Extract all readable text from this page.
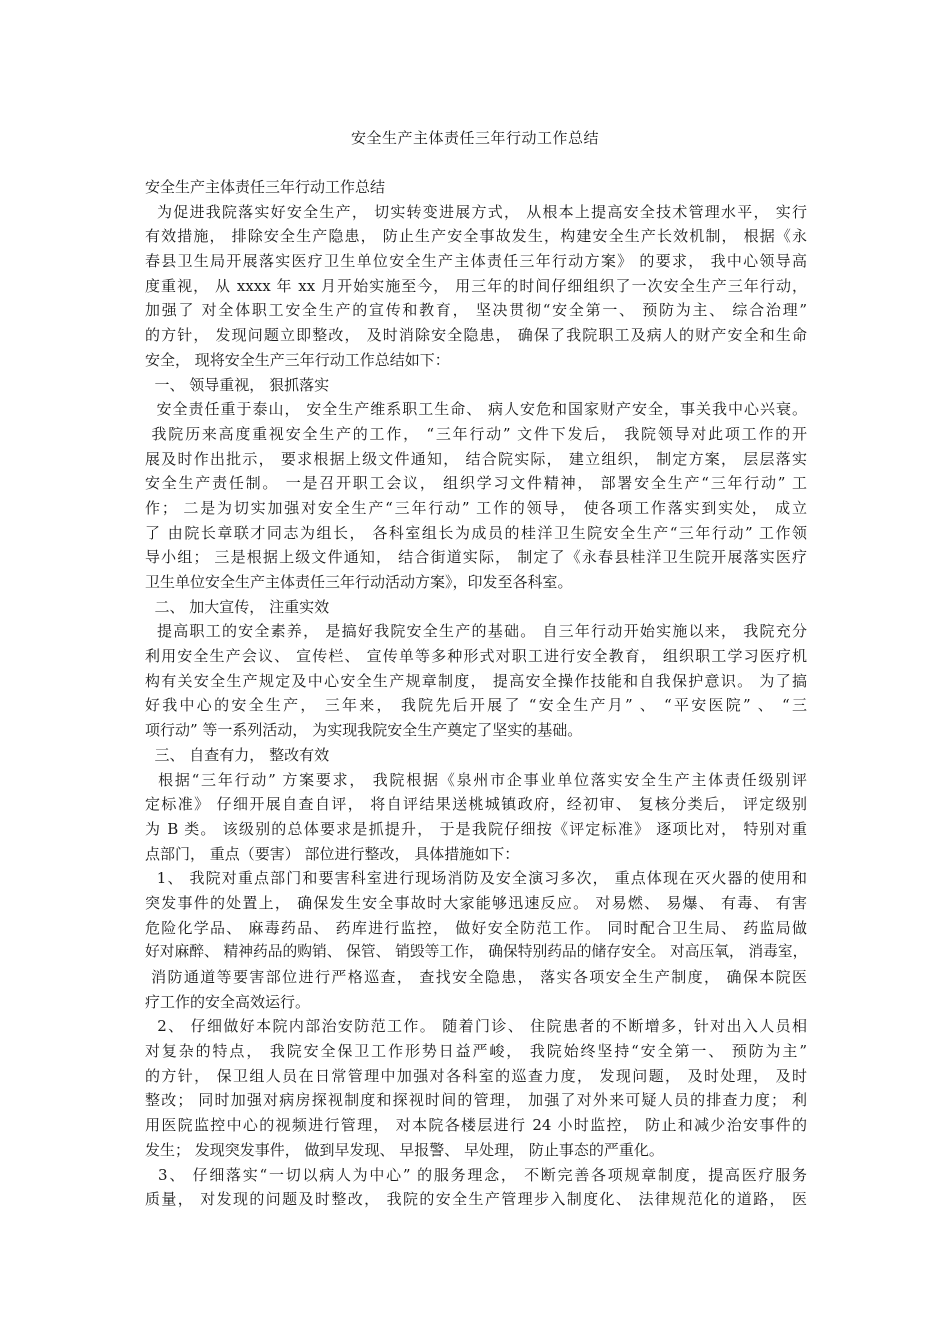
安全生产主体责任三年行动工作总结
安全生产主体责任三年行动工作总结
为促进我院落实好安全生产， 切实转变进展方式， 从根本上提高安全技术管理水平， 实行
有效措施， 排除安全生产隐患， 防止生产安全事故发生，构建安全生产长效机制， 根据《永
春县卫生局开展落实医疗卫生单位安全生产主体责任三年行动方案》 的要求， 我中心领导高
度重视， 从 xxxx 年 xx 月开始实施至今， 用三年的时间仔细组织了一次安全生产三年行动，
加强了 对全体职工安全生产的宣传和教育， 坚决贯彻“安全第一、 预防为主、 综合治理”
的方针， 发现问题立即整改， 及时消除安全隐患， 确保了我院职工及病人的财产安全和生命
安全， 现将安全生产三年行动工作总结如下：
一、 领导重视， 狠抓落实
安全责任重于泰山， 安全生产维系职工生命、 病人安危和国家财产安全，事关我中心兴衰。
我院历来高度重视安全生产的工作， “三年行动” 文件下发后， 我院领导对此项工作的开
展及时作出批示， 要求根据上级文件通知， 结合院实际， 建立组织， 制定方案， 层层落实
安全生产责任制。 一是召开职工会议， 组织学习文件精神， 部署安全生产“三年行动” 工
作； 二是为切实加强对安全生产“三年行动” 工作的领导， 使各项工作落实到实处， 成立
了 由院长章联才同志为组长， 各科室组长为成员的桂洋卫生院安全生产“三年行动” 工作领
导小组； 三是根据上级文件通知， 结合街道实际， 制定了《永春县桂洋卫生院开展落实医疗
卫生单位安全生产主体责任三年行动活动方案》，印发至各科室。
二、 加大宣传， 注重实效
提高职工的安全素养， 是搞好我院安全生产的基础。 自三年行动开始实施以来， 我院充分
利用安全生产会议、 宣传栏、 宣传单等多种形式对职工进行安全教育， 组织职工学习医疗机
构有关安全生产规定及中心安全生产规章制度， 提高安全操作技能和自我保护意识。 为了搞
好我中心的安全生产， 三年来， 我院先后开展了 “安全生产月” 、 “平安医院” 、 “三
项行动” 等一系列活动， 为实现我院安全生产奠定了坚实的基础。
三、 自查有力， 整改有效
根据“三年行动” 方案要求， 我院根据《泉州市企事业单位落实安全生产主体责任级别评
定标准》 仔细开展自查自评， 将自评结果送桃城镇政府，经初审、 复核分类后， 评定级别
为 B 类。 该级别的总体要求是抓提升， 于是我院仔细按《评定标准》 逐项比对， 特别对重
点部门， 重点（要害） 部位进行整改， 具体措施如下：
1、 我院对重点部门和要害科室进行现场消防及安全演习多次， 重点体现在灭火器的使用和
突发事件的处置上， 确保发生安全事故时大家能够迅速反应。 对易燃、 易爆、 有毒、 有害
危险化学品、 麻毒药品、 药库进行监控， 做好安全防范工作。 同时配合卫生局、 药监局做
好对麻醉、 精神药品的购销、 保管、 销毁等工作， 确保特别药品的储存安全。 对高压氧， 消毒室，
消防通道等要害部位进行严格巡查， 查找安全隐患， 落实各项安全生产制度， 确保本院医
疗工作的安全高效运行。
2、 仔细做好本院内部治安防范工作。 随着门诊、 住院患者的不断增多，针对出入人员相
对复杂的特点， 我院安全保卫工作形势日益严峻， 我院始终坚持“安全第一、 预防为主”
的方针， 保卫组人员在日常管理中加强对各科室的巡查力度， 发现问题， 及时处理， 及时
整改； 同时加强对病房探视制度和探视时间的管理， 加强了对外来可疑人员的排查力度； 利
用医院监控中心的视频进行管理， 对本院各楼层进行 24 小时监控， 防止和减少治安事件的
发生； 发现突发事件， 做到早发现、 早报警、 早处理， 防止事态的严重化。
3、 仔细落实“一切以病人为中心” 的服务理念， 不断完善各项规章制度，提高医疗服务
质量， 对发现的问题及时整改， 我院的安全生产管理步入制度化、 法律规范化的道路， 医
